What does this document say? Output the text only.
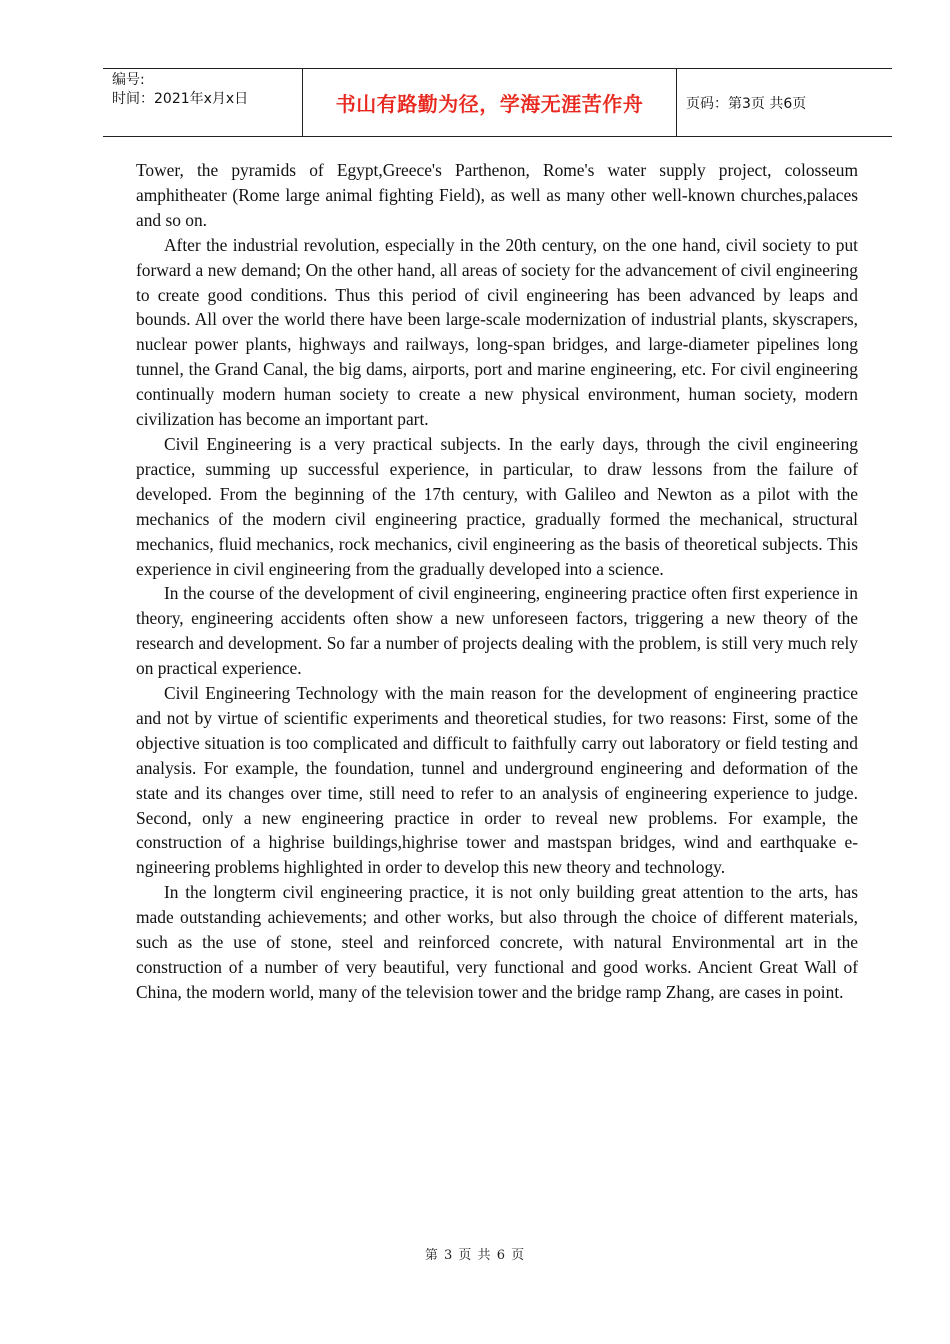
编号:
时间：2021年x月x日	书山有路勤为径，学海无涯苦作舟	页码：第3页 共6页

Tower, the pyramids of Egypt,Greece's Parthenon, Rome's water supply project, colosseum amphitheater (Rome large animal fighting Field), as well as many other well-known churches,palaces and so on.

After the industrial revolution, especially in the 20th century, on the one hand, civil society to put forward a new demand; On the other hand, all areas of society for the advancement of civil engineering to create good conditions. Thus this period of civil engineering has been advanced by leaps and bounds. All over the world there have been large-scale modernization of industrial plants, skyscrapers, nuclear power plants, highways and railways, long-span bridges, and large-diameter pipelines long tunnel, the Grand Canal, the big dams, airports, port and marine engineering, etc. For civil engineering continually modern human society to create a new physical environment, human society, modern civilization has become an important part.

Civil Engineering is a very practical subjects. In the early days, through the civil engineering practice, summing up successful experience, in particular, to draw lessons from the failure of developed. From the beginning of the 17th century, with Galileo and Newton as a pilot with the mechanics of the modern civil engineering practice, gradually formed the mechanical, structural mechanics, fluid mechanics, rock mechanics, civil engineering as the basis of theoretical subjects. This experience in civil engineering from the gradually developed into a science.

In the course of the development of civil engineering, engineering practice often first experience in theory, engineering accidents often show a new unforeseen factors, triggering a new theory of the research and development. So far a number of projects dealing with the problem, is still very much rely on practical experience.

Civil Engineering Technology with the main reason for the development of engineering practice and not by virtue of scientific experiments and theoretical studies, for two reasons: First, some of the objective situation is too complicated and difficult to faithfully carry out laboratory or field testing and analysis. For example, the foundation, tunnel and underground engineering and deformation of the state and its changes over time, still need to refer to an analysis of engineering experience to judge. Second, only a new engineering practice in order to reveal new problems. For example, the construction of a highrise buildings,highrise tower and mastspan bridges, wind and earthquake e- ngineering problems highlighted in order to develop this new theory and technology.

In the longterm civil engineering practice, it is not only building great attention to the arts, has made outstanding achievements; and other works, but also through the choice of different materials, such as the use of stone, steel and reinforced concrete, with natural Environmental art in the construction of a number of very beautiful, very functional and good works. Ancient Great Wall of China, the modern world, many of the television tower and the bridge ramp Zhang, are cases in point.

第 3 页 共 6 页
